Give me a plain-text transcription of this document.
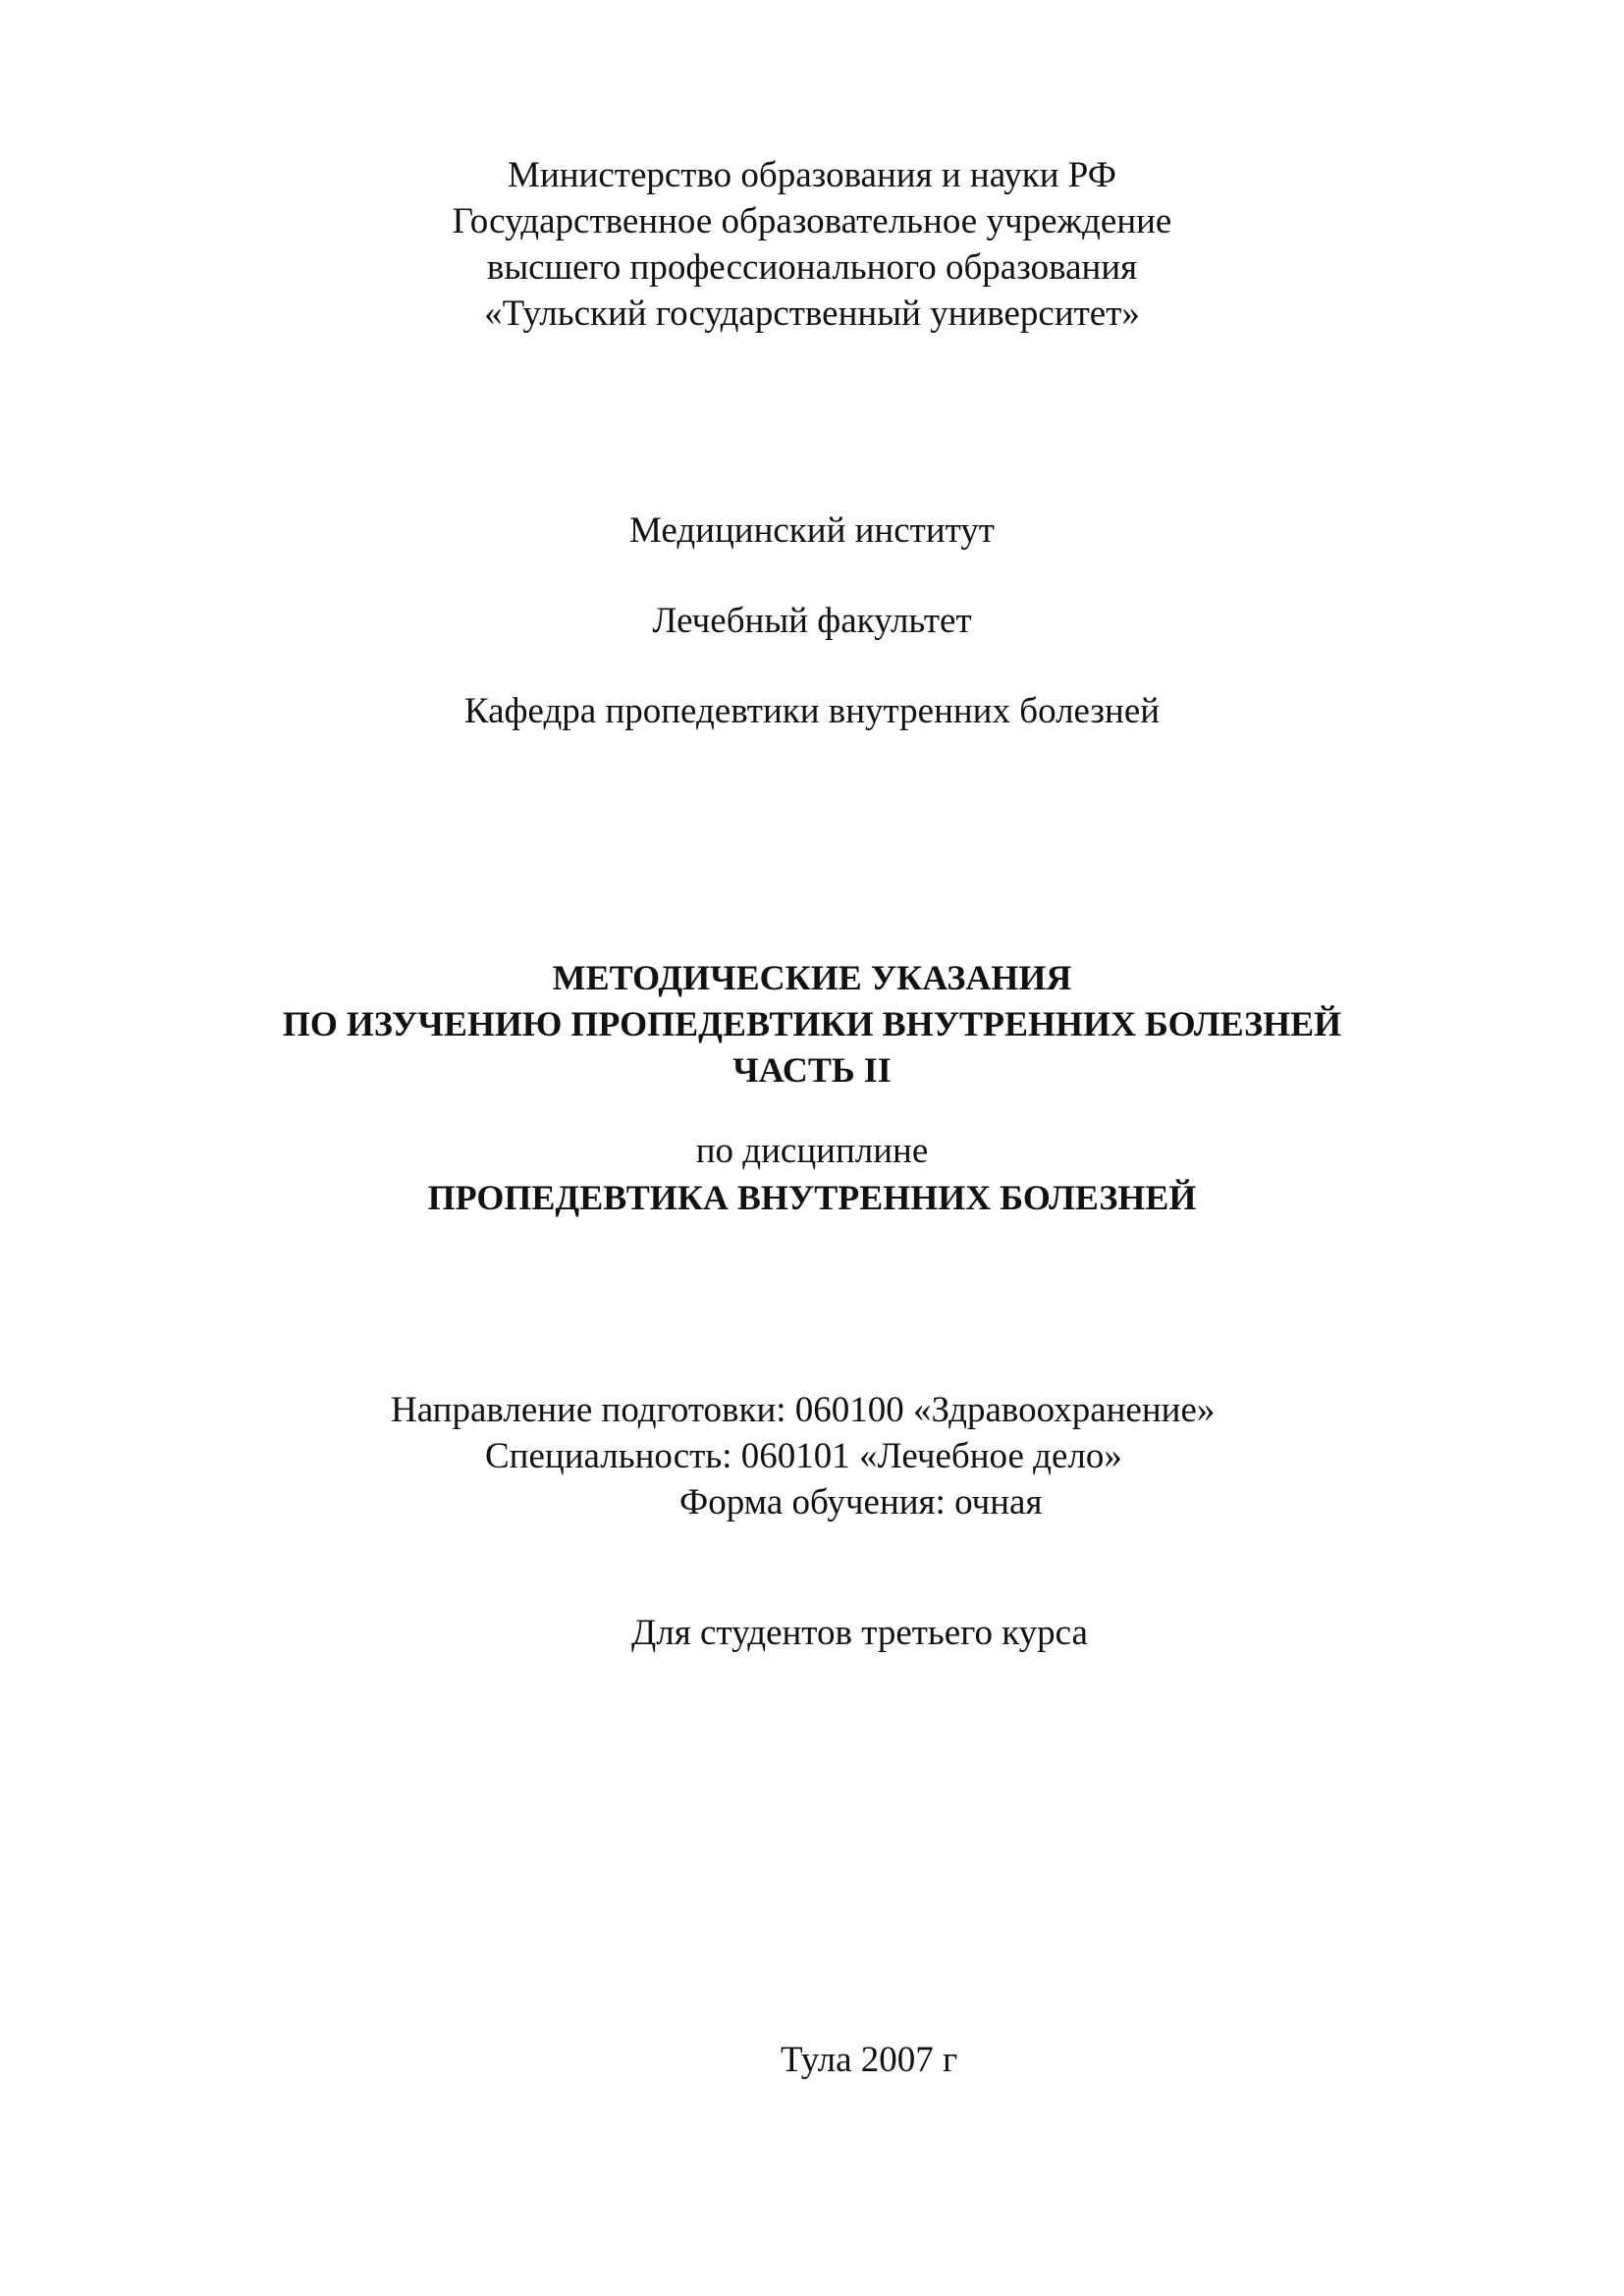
Министерство образования и науки РФ
Государственное образовательное учреждение
высшего профессионального образования
«Тульский государственный университет»
Медицинский институт
Лечебный факультет
Кафедра пропедевтики внутренних болезней
МЕТОДИЧЕСКИЕ УКАЗАНИЯ
ПО ИЗУЧЕНИЮ ПРОПЕДЕВТИКИ ВНУТРЕННИХ БОЛЕЗНЕЙ
ЧАСТЬ II
по дисциплине
ПРОПЕДЕВТИКА ВНУТРЕННИХ БОЛЕЗНЕЙ
Направление подготовки: 060100 «Здравоохранение»
Специальность: 060101 «Лечебное дело»
Форма обучения: очная
Для студентов третьего курса
Тула 2007 г
